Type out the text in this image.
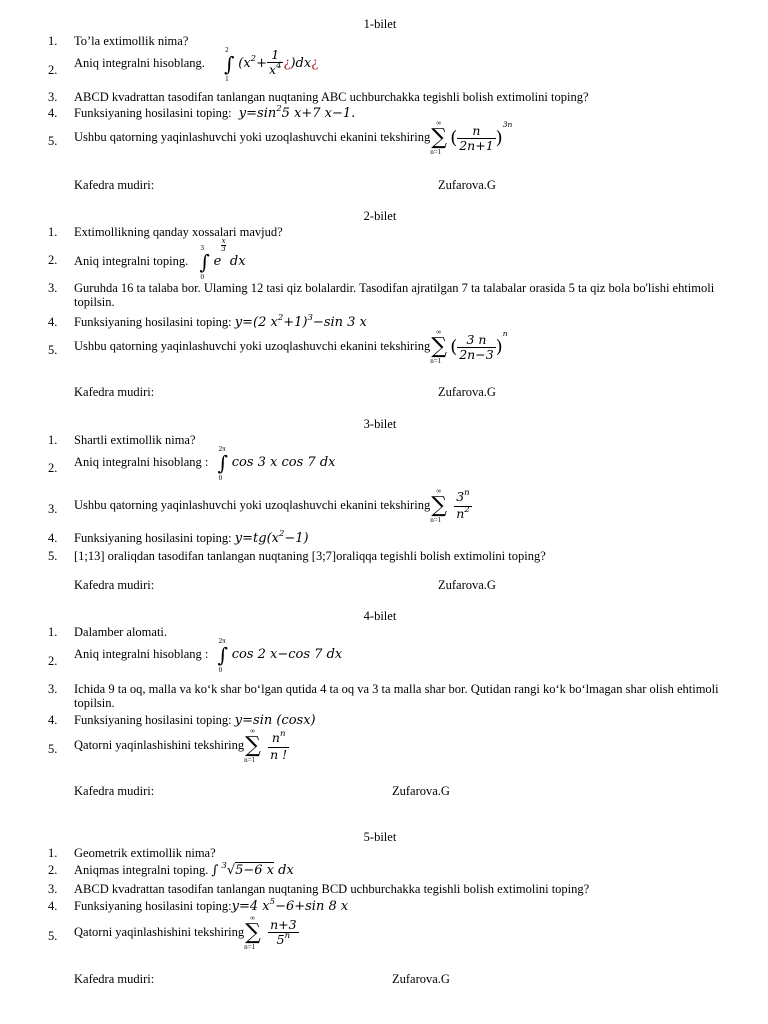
1-bilet
1. To’la extimollik nima?
2.
Aniq integralni hisoblang.
2
∫
1
($x^2+ \frac{1}{x^4}$ ¿)dx¿
3. ABCD kvadrattan tasodifan tanlangan nuqtaning ABC uchburchakka tegishli bolish extimolini toping?
4. Funksiyaning hosilasini toping: $y=\sin^25$ x+7 x−1.
5. Ushbu qatorning yaqinlashuvchi yoki uzoqlashuvchi ekanini tekshiring
∞
∑
n=1
( $\frac{n}{2n+1} )^{3n}$
Kafedra mudiri:	Zufarova.G
2-bilet
1. Extimollikning qanday xossalari mavjud?
2. Aniq integralni toping.
3
∫
0
e
$\frac{x}{3}$
dx
3. Guruhda 16 ta talaba bor. Ulaming 12 tasi qiz bolalardir. Tasodifan ajratilgan 7 ta talabalar orasida 5 ta qiz bola bo'lishi ehtimoli topilsin.
4. Funksiyaning hosilasini toping: y=(2 $x^2+1)^3-\sin$ 3 x
5. Ushbu qatorning yaqinlashuvchi yoki uzoqlashuvchi ekanini tekshiring
∞
∑
n=1
( $\frac{3 n}{2n-3} )^n$
Kafedra mudiri:	Zufarova.G
3-bilet
1. Shartli extimollik nima?
2. Aniq integralni hisoblang :
2π
∫
0
cos 3 x cos 7 dx
3. Ushbu qatorning yaqinlashuvchi yoki uzoqlashuvchi ekanini tekshiring
∞
∑
$n=1 \frac{3^n}{n^2}$
4. Funksiyaning hosilasini toping: $y=tg(x^2-1)$
5. [1;13] oraliqdan tasodifan tanlangan nuqtaning [3;7]oraliqqa tegishli bolish extimolini toping?
Kafedra mudiri:	Zufarova.G
4-bilet
1. Dalamber alomati.
2.
Aniq integralni hisoblang :
2π
∫
0
cos 2 x−cos 7 dx
3. Ichida 9 ta oq, malla va ko‘k shar bo‘lgan qutida 4 ta oq va 3 ta malla shar bor. Qutidan rangi ko‘k bo‘lmagan shar olish ehtimoli topilsin.
4. Funksiyaning hosilasini toping: y=sin (cosx)
5. Qatorni yaqinlashishini tekshiring
∞
∑
$n=1 \frac{n^n}{n !}$
Kafedra mudiri:	Zufarova.G
5-bilet
1. Geometrik extimollik nima?
2. Aniqmas integralni toping. ∫ $^3$√5−6 x dx
3. ABCD kvadrattan tasodifan tanlangan nuqtaning BCD uchburchakka tegishli bolish extimolini toping?
4. Funksiyaning hosilasini toping:y=4 $x^5-6+\sin$ 8 x
5. Qatorni yaqinlashishini tekshiring
∞
∑
$n=1 \frac{n+3}{5^n}$
Kafedra mudiri:	Zufarova.G
